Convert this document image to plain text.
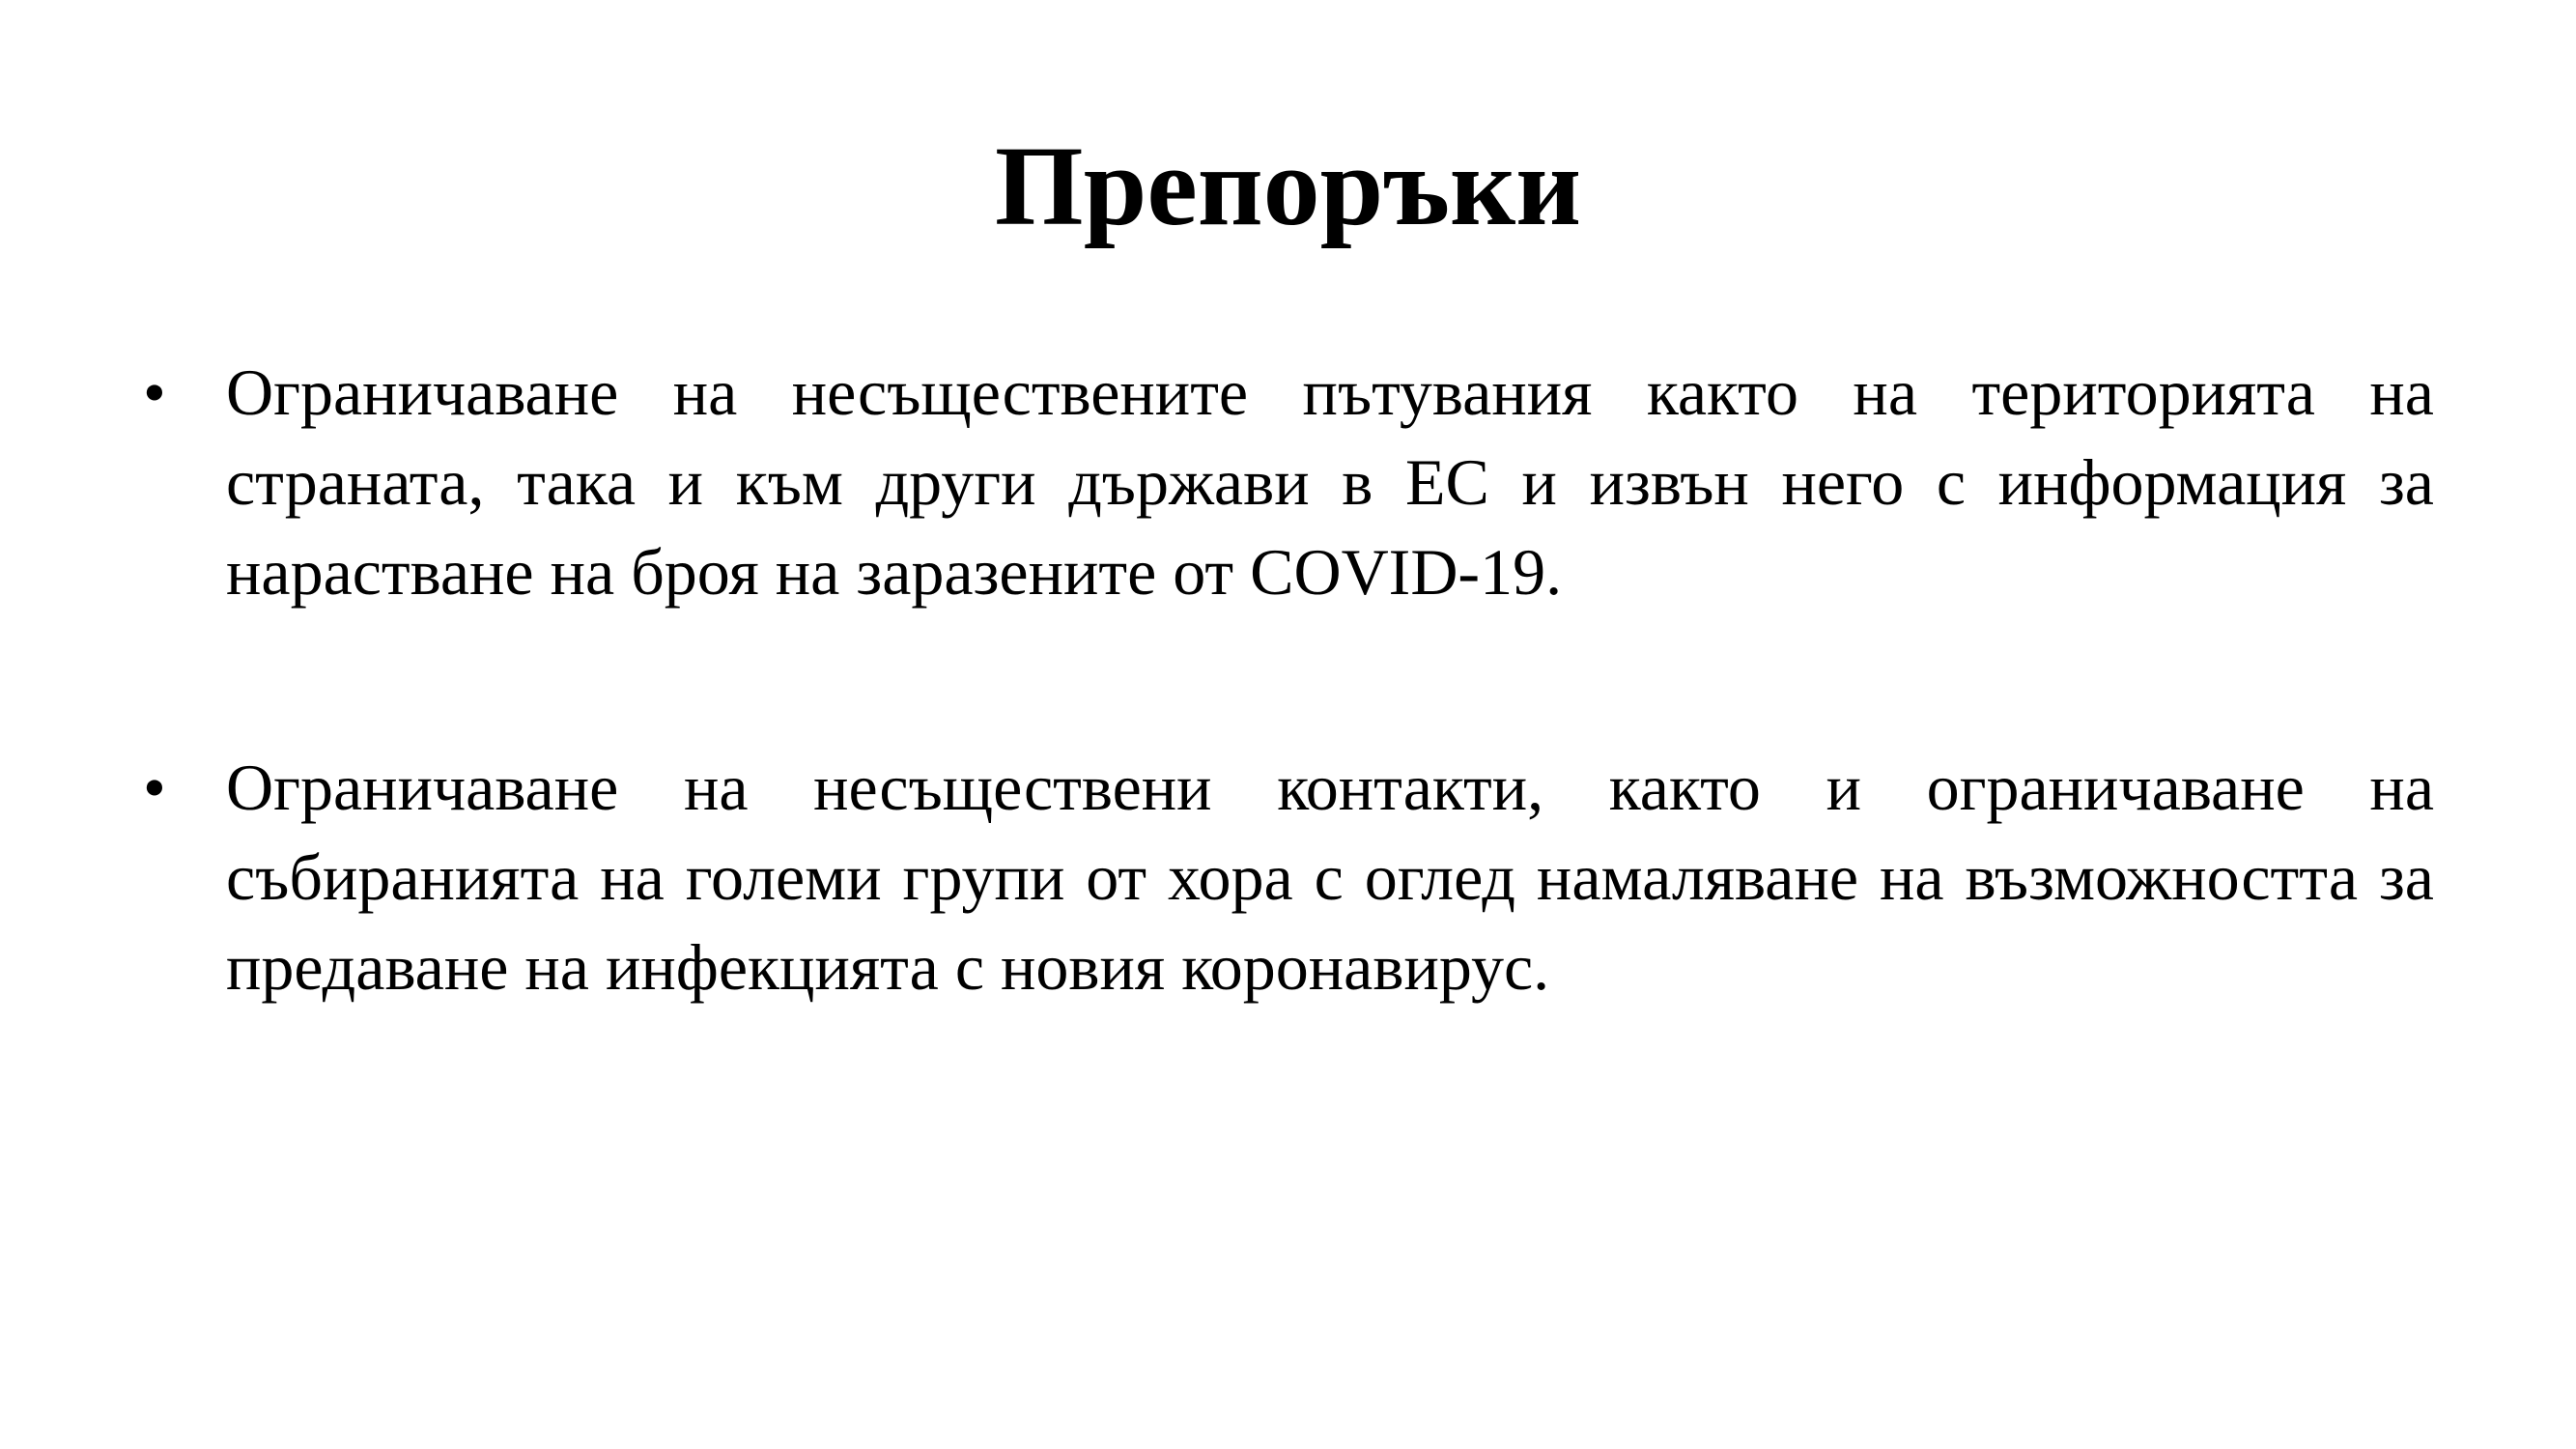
Препоръки
• Ограничаване на несъществените пътувания както на територията на страната, така и към други държави в ЕС и извън него с информация за нарастване на броя на заразените от COVID-19.
• Ограничаване на несъществени контакти, както и ограничаване на събиранията на големи групи от хора с оглед намаляване на възможността за предаване на инфекцията с новия коронавирус.
